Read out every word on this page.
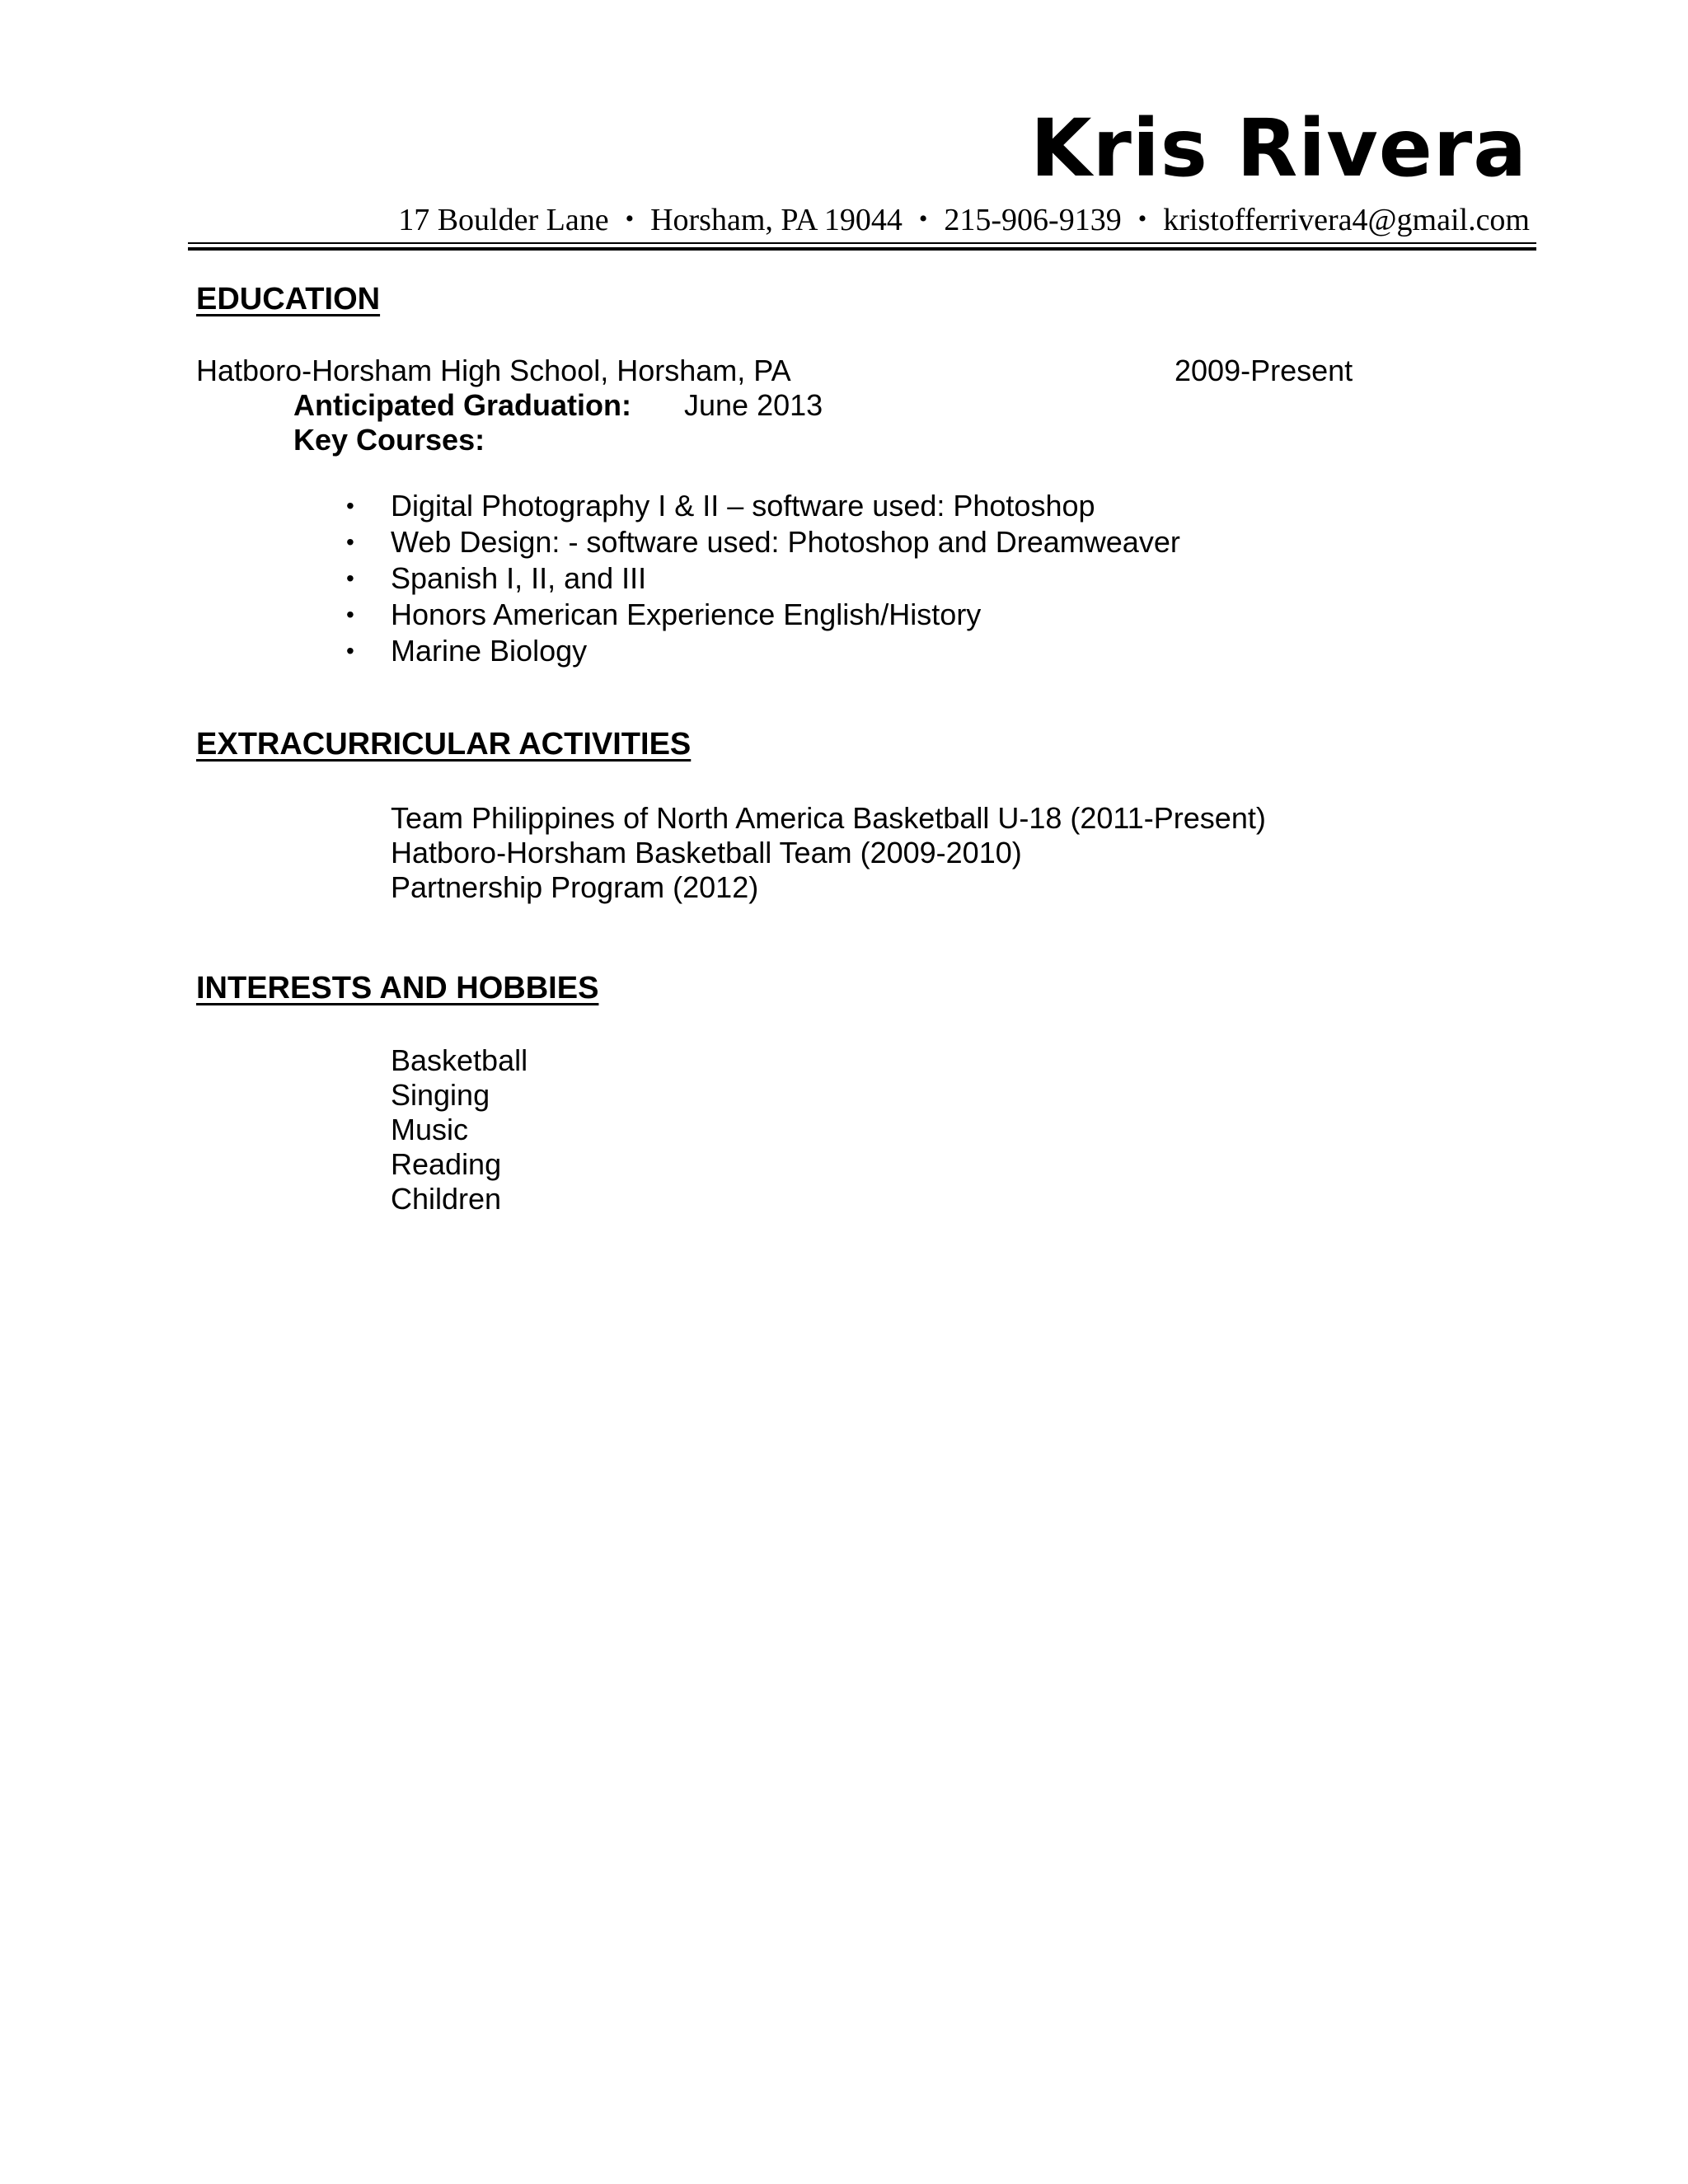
Kris Rivera
17 Boulder Lane • Horsham, PA 19044 • 215-906-9139 • kristofferrivera4@gmail.com
EDUCATION
Hatboro-Horsham High School, Horsham, PA	2009-Present
Anticipated Graduation: June 2013
Key Courses:
• Digital Photography I & II – software used: Photoshop
• Web Design: - software used: Photoshop and Dreamweaver
• Spanish I, II, and III
• Honors American Experience English/History
• Marine Biology
EXTRACURRICULAR ACTIVITIES
Team Philippines of North America Basketball U-18 (2011-Present)
Hatboro-Horsham Basketball Team (2009-2010)
Partnership Program (2012)
INTERESTS AND HOBBIES
Basketball
Singing
Music
Reading
Children
